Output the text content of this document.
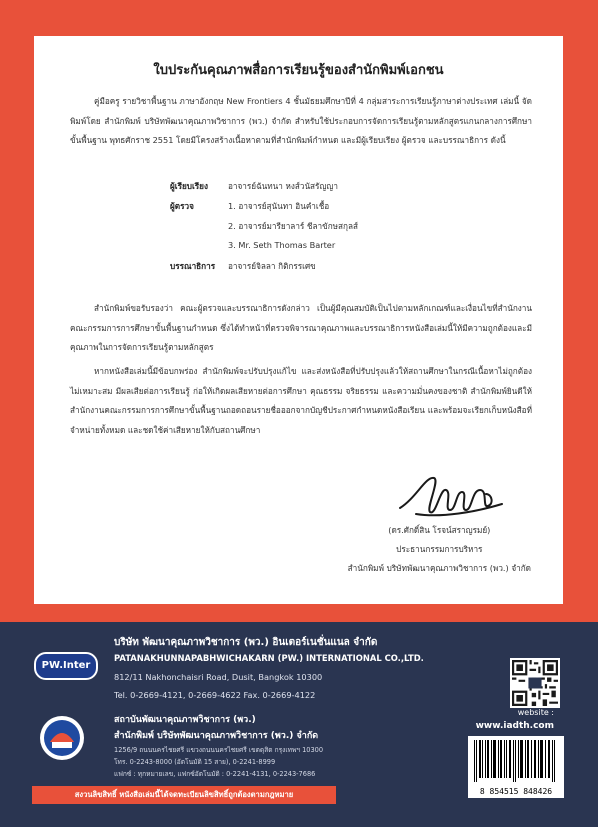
ใบประกันคุณภาพสื่อการเรียนรู้ของสำนักพิมพ์เอกชน
คู่มือครู รายวิชาพื้นฐาน ภาษาอังกฤษ New Frontiers 4 ชั้นมัธยมศึกษาปีที่ 4 กลุ่มสาระการเรียนรู้ภาษาต่างประเทศ เล่มนี้ จัดพิมพ์โดย สำนักพิมพ์ บริษัทพัฒนาคุณภาพวิชาการ (พว.) จำกัด สำหรับใช้ประกอบการจัดการเรียนรู้ตามหลักสูตรแกนกลางการศึกษาขั้นพื้นฐาน พุทธศักราช 2551 โดยมีโครงสร้างเนื้อหาตามที่สำนักพิมพ์กำหนด และมีผู้เรียบเรียง ผู้ตรวจ และบรรณาธิการ ดังนี้
ผู้เรียบเรียง อาจารย์ฉันทนา หงส์วนัสรัญญา
ผู้ตรวจ	1. อาจารย์สุนันทา อินคำเชื้อ
2. อาจารย์มารียาลาร์ ชีลาขักษสกุลส์
3. Mr. Seth Thomas Barter
บรรณาธิการ อาจารย์จิลลา กิติกรรเศข
สำนักพิมพ์ขอรับรองว่า คณะผู้ตรวจและบรรณาธิการดังกล่าว เป็นผู้มีคุณสมบัติเป็นไปตามหลักเกณฑ์และเงื่อนไขที่สำนักงานคณะกรรมการการศึกษาขั้นพื้นฐานกำหนด ซึ่งได้ทำหน้าที่ตรวจพิจารณาคุณภาพและบรรณาธิการหนังสือเล่มนี้ให้มีความถูกต้องและมีคุณภาพในการจัดการเรียนรู้ตามหลักสูตร
หากหนังสือเล่มนี้มีข้อบกพร่อง สำนักพิมพ์จะปรับปรุงแก้ไข และส่งหนังสือที่ปรับปรุงแล้วให้สถานศึกษาในกรณีเนื้อหาไม่ถูกต้อง ไม่เหมาะสม มีผลเสียต่อการเรียนรู้ ก่อให้เกิดผลเสียหายต่อการศึกษา คุณธรรม จริยธรรม และความมั่นคงของชาติ สำนักพิมพ์ยินดีให้สำนักงานคณะกรรมการการศึกษาขั้นพื้นฐานถอดถอนรายชื่อออกจากบัญชีประกาศกำหนดหนังสือเรียน และพร้อมจะเรียกเก็บหนังสือที่จำหน่ายทั้งหมด และชดใช้ค่าเสียหายให้กับสถานศึกษา
(ดร.ศักดิ์สิน โรจน์สราญรมย์)
ประธานกรรมการบริหาร
สำนักพิมพ์ บริษัทพัฒนาคุณภาพวิชาการ (พว.) จำกัด
PW.Inter
บริษัท พัฒนาคุณภาพวิชาการ (พว.) อินเตอร์เนชั่นแนล จำกัด
PATANAKHUNNAPABHWICHAKARN (PW.) INTERNATIONAL CO.,LTD.
812/11 Nakhonchaisri Road, Dusit, Bangkok 10300
Tel. 0-2669-4121, 0-2669-4622 Fax. 0-2669-4122
สถาบันพัฒนาคุณภาพวิชาการ (พว.)
สำนักพิมพ์ บริษัทพัฒนาคุณภาพวิชาการ (พว.) จำกัด
1256/9 ถนนนครไชยศรี แขวงถนนนครไชยศรี เขตดุสิต กรุงเทพฯ 10300
โทร. 0-2243-8000 (อัตโนมัติ 15 สาย), 0-2241-8999
แฟกซ์ : ทุกหมายเลข, แฟกซ์อัตโนมัติ : 0-2241-4131, 0-2243-7686
website :
www.iadth.com
8 854515 848426
สงวนลิขสิทธิ์ หนังสือเล่มนี้ได้จดทะเบียนลิขสิทธิ์ถูกต้องตามกฎหมาย
